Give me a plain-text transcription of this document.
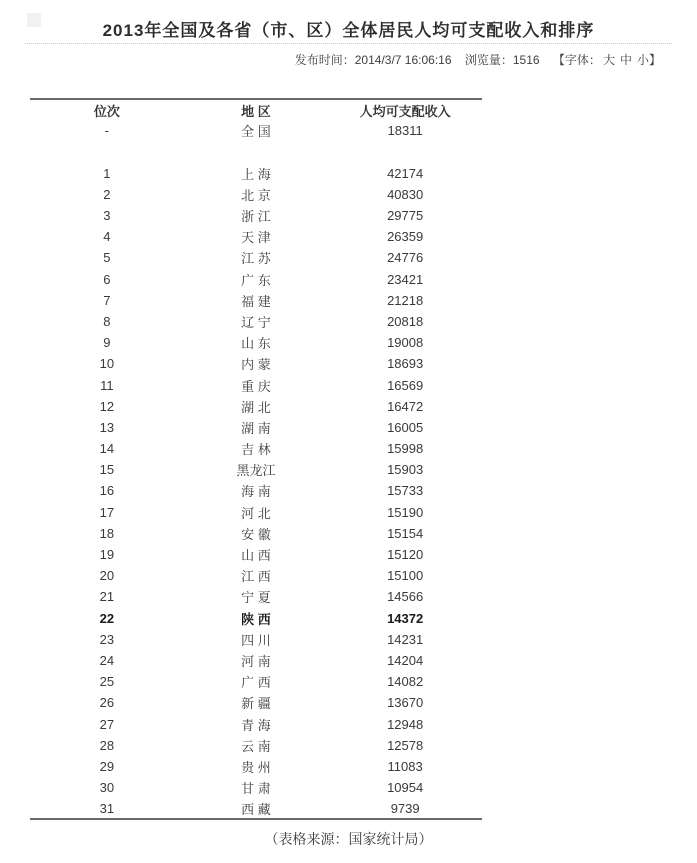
2013年全国及各省（市、区）全体居民人均可支配收入和排序
发布时间：2014/3/7 16:06:16 浏览量：1516 【字体： 大 中 小】
位次	地 区	人均可支配收入
-	全 国	18311

1	上 海	42174
2	北 京	40830
3	浙 江	29775
4	天 津	26359
5	江 苏	24776
6	广 东	23421
7	福 建	21218
8	辽 宁	20818
9	山 东	19008
10	内 蒙	18693
11	重 庆	16569
12	湖 北	16472
13	湖 南	16005
14	吉 林	15998
15	黑龙江	15903
16	海 南	15733
17	河 北	15190
18	安 徽	15154
19	山 西	15120
20	江 西	15100
21	宁 夏	14566
22	陕 西	14372
23	四 川	14231
24	河 南	14204
25	广 西	14082
26	新 疆	13670
27	青 海	12948
28	云 南	12578
29	贵 州	11083
30	甘 肃	10954
31	西 藏	9739
（表格来源：国家统计局）
